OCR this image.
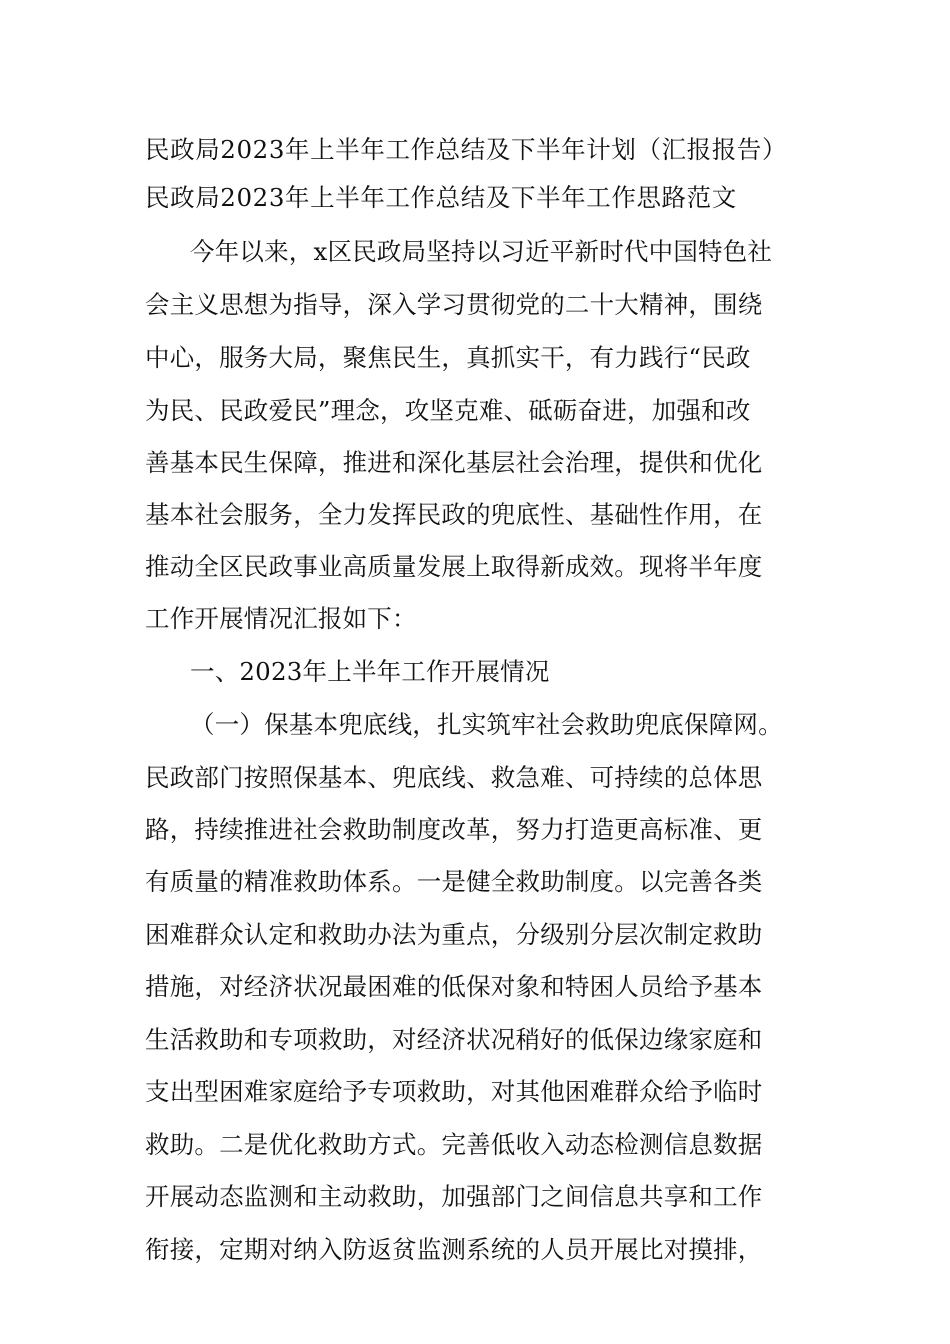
民政局2023年上半年工作总结及下半年计划（汇报报告）
民政局2023年上半年工作总结及下半年工作思路范文
今年以来，x区民政局坚持以习近平新时代中国特色社
会主义思想为指导，深入学习贯彻党的二十大精神，围绕
中心，服务大局，聚焦民生，真抓实干，有力践行“民政
为民、民政爱民”理念，攻坚克难、砥砺奋进，加强和改
善基本民生保障，推进和深化基层社会治理，提供和优化
基本社会服务，全力发挥民政的兜底性、基础性作用，在
推动全区民政事业高质量发展上取得新成效。现将半年度
工作开展情况汇报如下：
一、2023年上半年工作开展情况
（一）保基本兜底线，扎实筑牢社会救助兜底保障网。
民政部门按照保基本、兜底线、救急难、可持续的总体思
路，持续推进社会救助制度改革，努力打造更高标准、更
有质量的精准救助体系。一是健全救助制度。以完善各类
困难群众认定和救助办法为重点，分级别分层次制定救助
措施，对经济状况最困难的低保对象和特困人员给予基本
生活救助和专项救助，对经济状况稍好的低保边缘家庭和
支出型困难家庭给予专项救助，对其他困难群众给予临时
救助。二是优化救助方式。完善低收入动态检测信息数据
开展动态监测和主动救助，加强部门之间信息共享和工作
衔接，定期对纳入防返贫监测系统的人员开展比对摸排，
